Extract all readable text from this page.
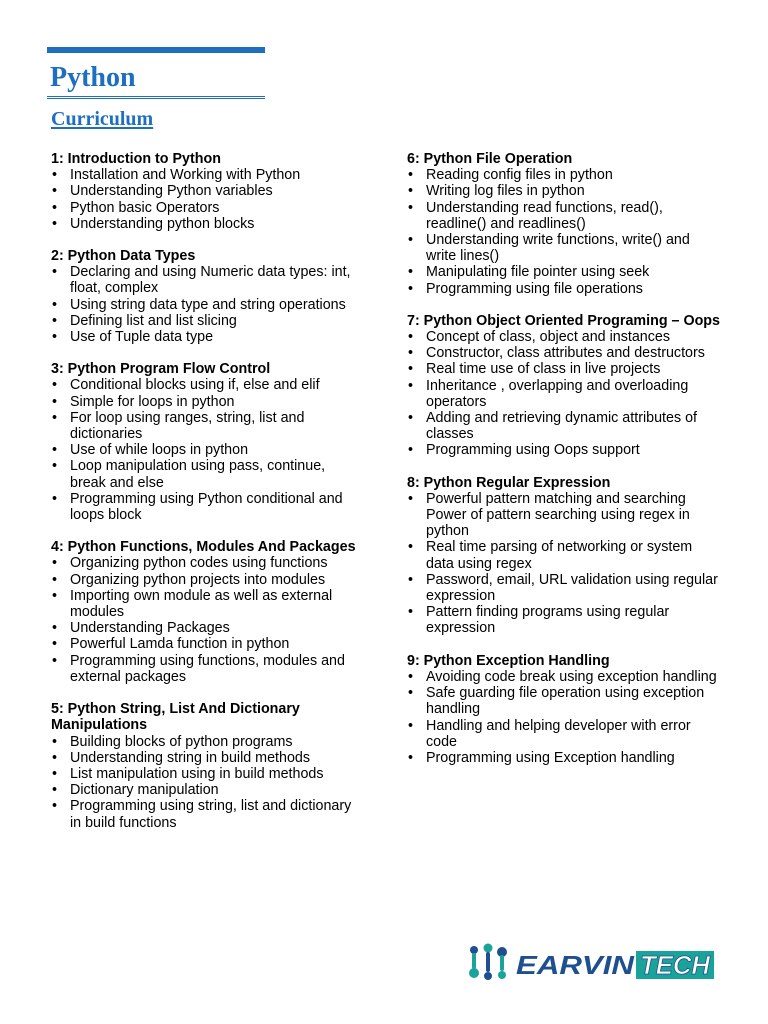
Python
Curriculum

1: Introduction to Python

• Installation and Working with Python
• Understanding Python variables
• Python basic Operators
• Understanding python blocks

2: Python Data Types

• Declaring and using Numeric data types: int, float, complex
• Using string data type and string operations
• Defining list and list slicing
• Use of Tuple data type

3: Python Program Flow Control

• Conditional blocks using if, else and elif
• Simple for loops in python
• For loop using ranges, string, list and dictionaries
• Use of while loops in python
• Loop manipulation using pass, continue, break and else
• Programming using Python conditional and loops block

4: Python Functions, Modules And Packages

• Organizing python codes using functions
• Organizing python projects into modules
• Importing own module as well as external modules
• Understanding Packages
• Powerful Lamda function in python
• Programming using functions, modules and external packages

5: Python String, List And Dictionary Manipulations

• Building blocks of python programs
• Understanding string in build methods
• List manipulation using in build methods
• Dictionary manipulation
• Programming using string, list and dictionary in build functions

6: Python File Operation

• Reading config files in python
• Writing log files in python
• Understanding read functions, read(), readline() and readlines()
• Understanding write functions, write() and write lines()
• Manipulating file pointer using seek
• Programming using file operations

7: Python Object Oriented Programing – Oops

• Concept of class, object and instances
• Constructor, class attributes and destructors
• Real time use of class in live projects
• Inheritance , overlapping and overloading operators
• Adding and retrieving dynamic attributes of classes
• Programming using Oops support

8: Python Regular Expression

• Powerful pattern matching and searching Power of pattern searching using regex in python
• Real time parsing of networking or system data using regex
• Password, email, URL validation using regular expression
• Pattern finding programs using regular expression

9: Python Exception Handling

• Avoiding code break using exception handling
• Safe guarding file operation using exception handling
• Handling and helping developer with error code
• Programming using Exception handling
EARVIN TECH
